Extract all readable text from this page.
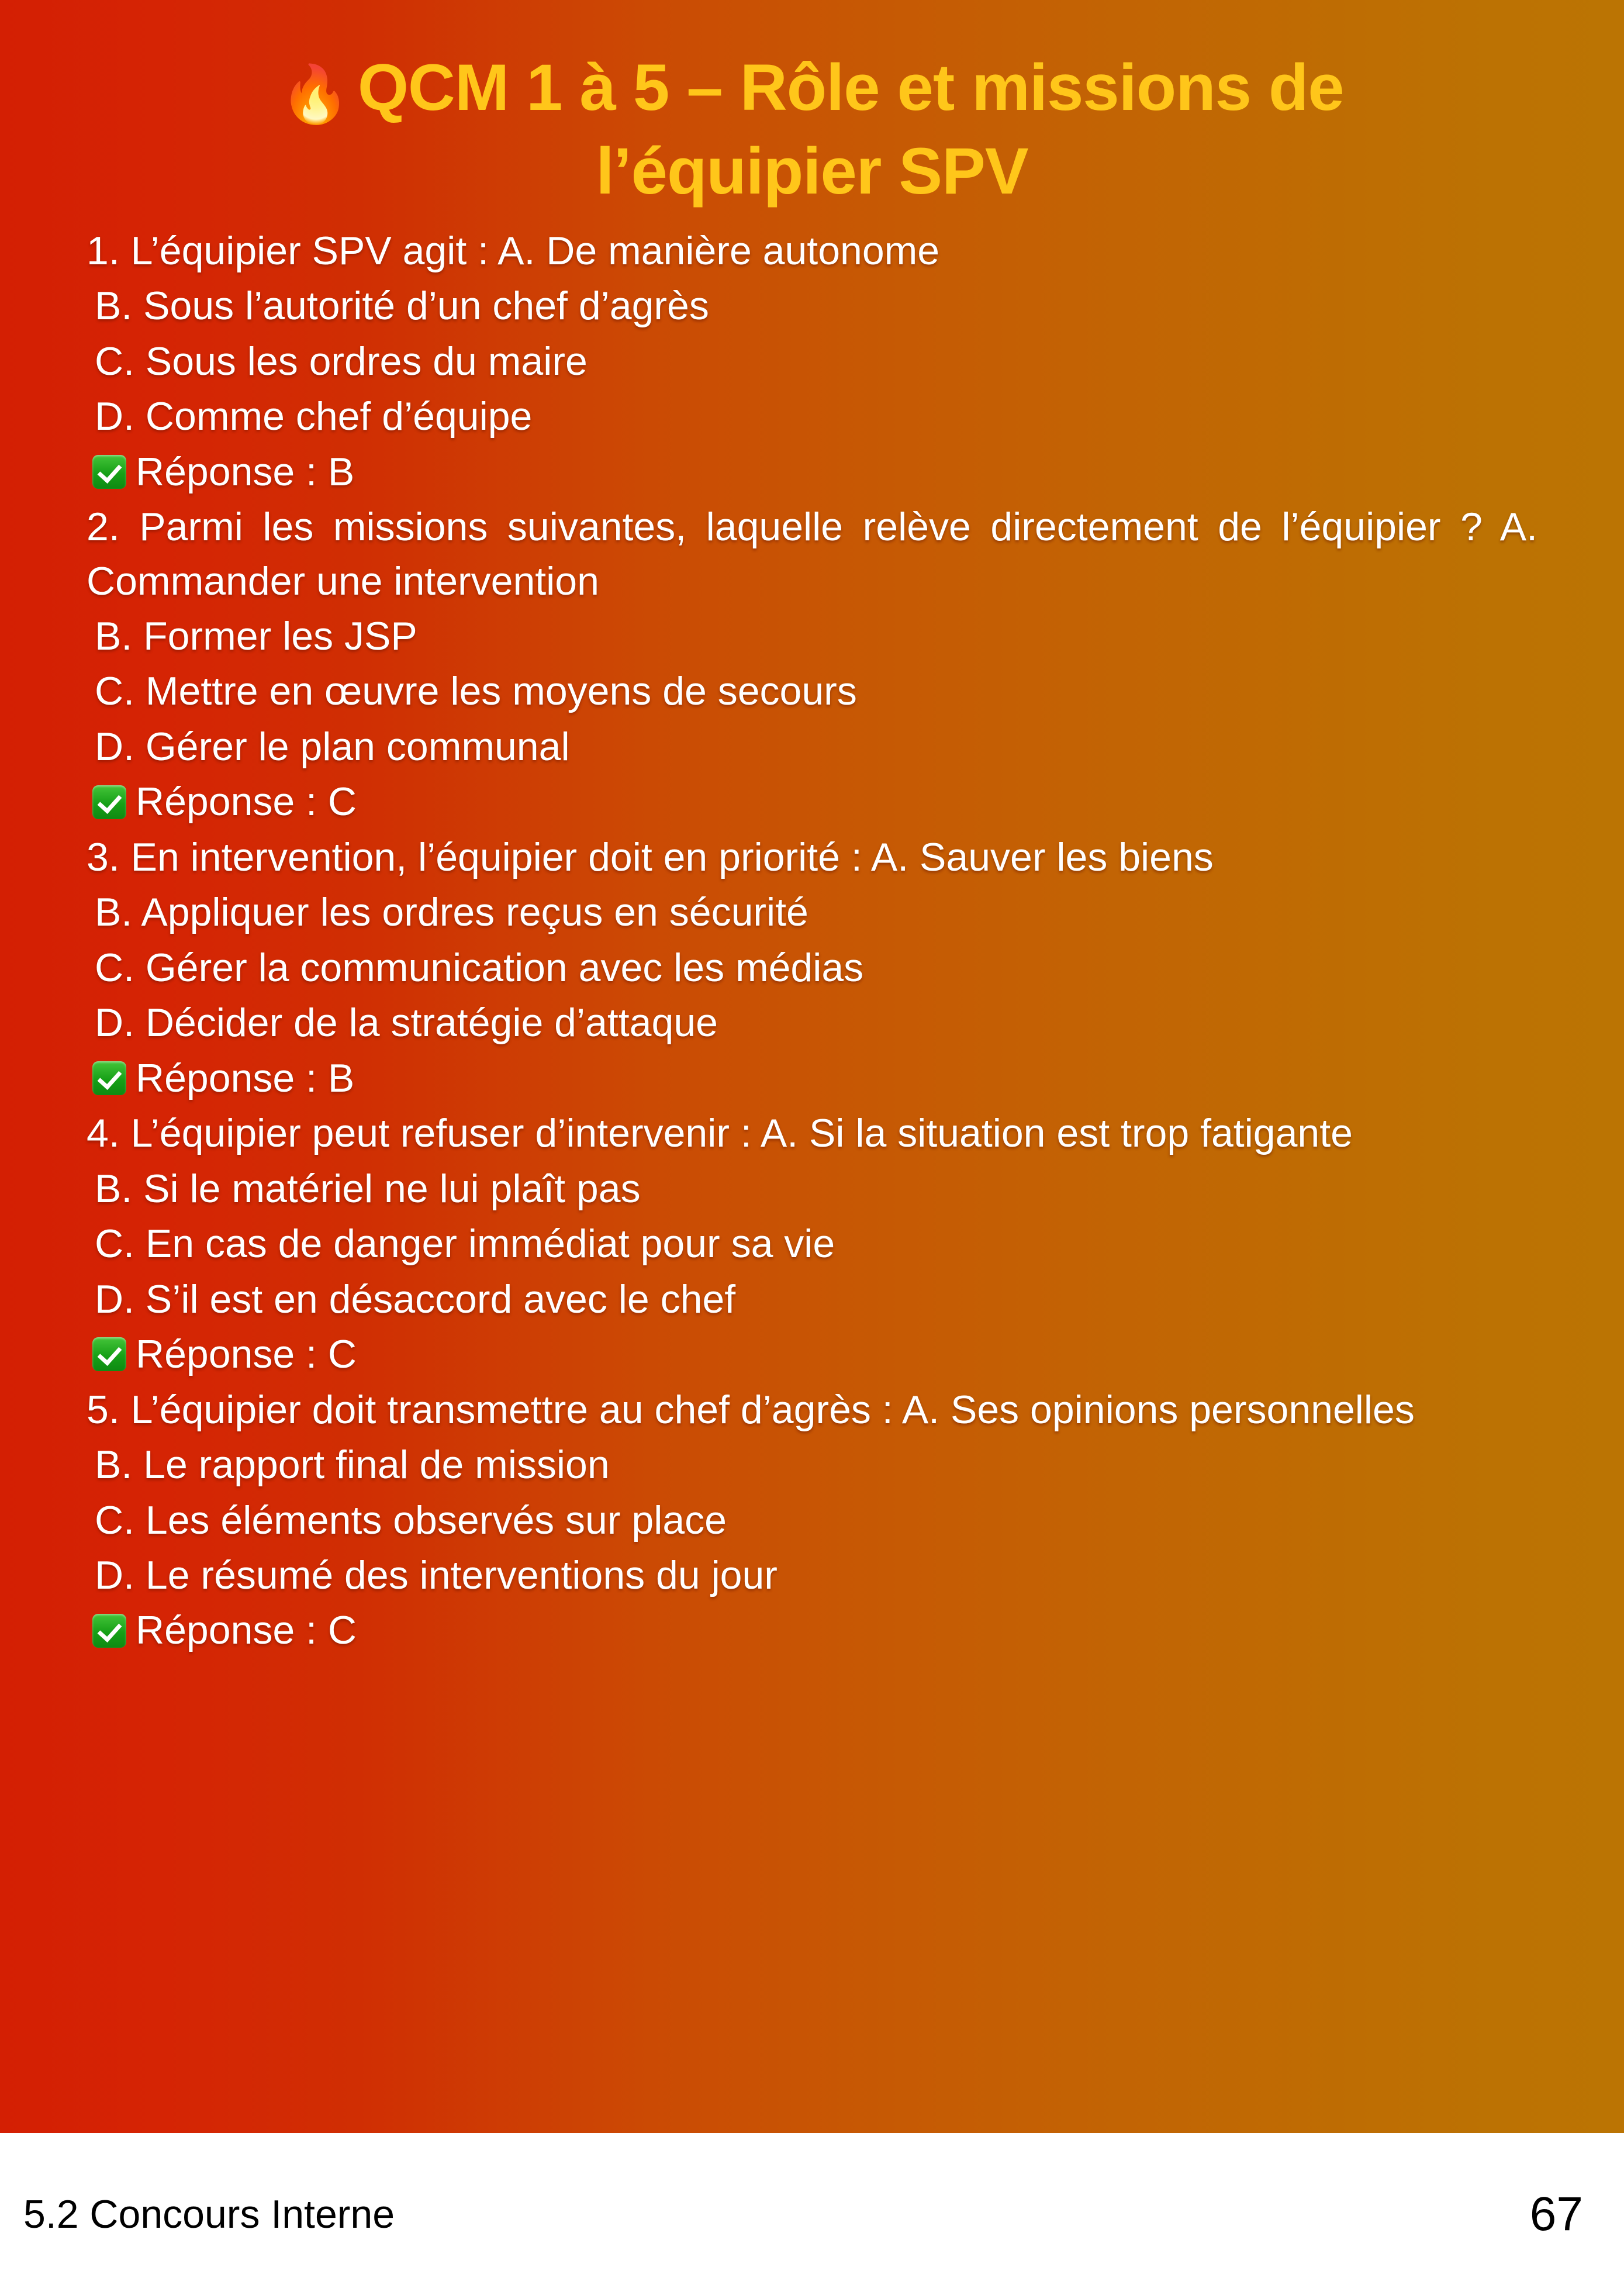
🔥 QCM 1 à 5 – Rôle et missions de
l’équipier SPV

1. L’équipier SPV agit : A. De manière autonome

B. Sous l’autorité d’un chef d’agrès

C. Sous les ordres du maire

D. Comme chef d’équipe

Réponse : B

2. Parmi les missions suivantes, laquelle relève directement de l’équipier ? A. Commander une intervention

B. Former les JSP

C. Mettre en œuvre les moyens de secours

D. Gérer le plan communal

Réponse : C

3. En intervention, l’équipier doit en priorité : A. Sauver les biens

B. Appliquer les ordres reçus en sécurité

C. Gérer la communication avec les médias

D. Décider de la stratégie d’attaque

Réponse : B

4. L’équipier peut refuser d’intervenir : A. Si la situation est trop fatigante

B. Si le matériel ne lui plaît pas

C. En cas de danger immédiat pour sa vie

D. S’il est en désaccord avec le chef

Réponse : C

5. L’équipier doit transmettre au chef d’agrès : A. Ses opinions personnelles

B. Le rapport final de mission

C. Les éléments observés sur place

D. Le résumé des interventions du jour

Réponse : C

5.2 Concours Interne	67
